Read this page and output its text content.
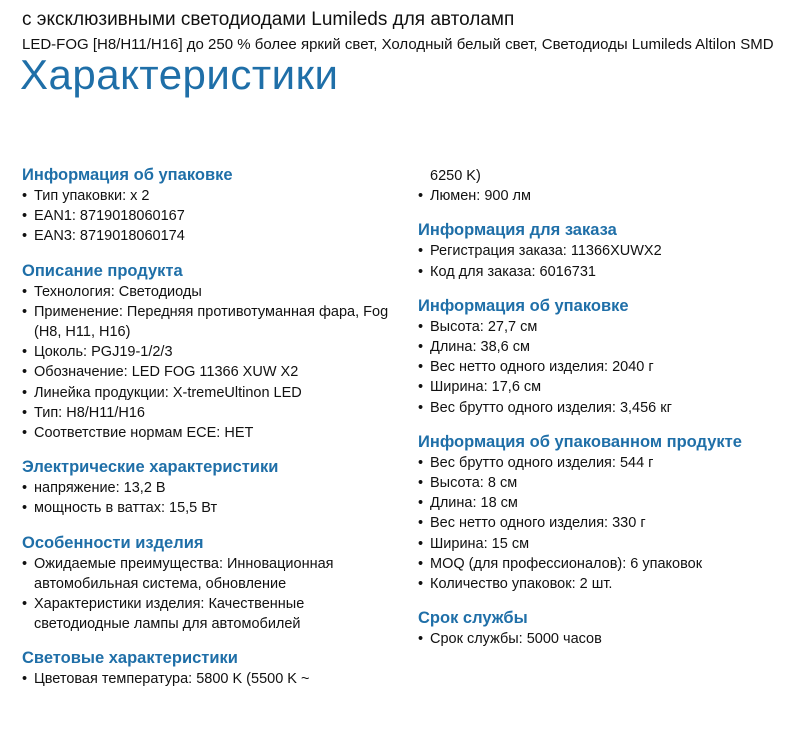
с эксклюзивными светодиодами Lumileds для автоламп

LED-FOG [H8/H11/H16] до 250 % более яркий свет, Холодный белый свет, Светодиоды Lumileds Altilon SMD

Характеристики
Информация об упаковке
• Тип упаковки: x 2
• EAN1: 8719018060167
• EAN3: 8719018060174
Описание продукта
• Технология: Светодиоды
• Применение: Передняя противотуманная фара, Fog (H8, H11, H16)
• Цоколь: PGJ19-1/2/3
• Обозначение: LED FOG 11366 XUW X2
• Линейка продукции: X-tremeUltinon LED
• Тип: H8/H11/H16
• Соответствие нормам ECE: НЕТ
Электрические характеристики
• напряжение: 13,2 В
• мощность в ваттах: 15,5 Вт
Особенности изделия
• Ожидаемые преимущества: Инновационная автомобильная система, обновление
• Характеристики изделия: Качественные светодиодные лампы для автомобилей
Световые характеристики
• Цветовая температура: 5800 K (5500 K ~
6250 K)
• Люмен: 900 лм
Информация для заказа
• Регистрация заказа: 11366XUWX2
• Код для заказа: 6016731
Информация об упаковке
• Высота: 27,7 см
• Длина: 38,6 см
• Вес нетто одного изделия: 2040 г
• Ширина: 17,6 см
• Вес брутто одного изделия: 3,456 кг
Информация об упакованном продукте
• Вес брутто одного изделия: 544 г
• Высота: 8 см
• Длина: 18 см
• Вес нетто одного изделия: 330 г
• Ширина: 15 см
• MOQ (для профессионалов): 6 упаковок
• Количество упаковок: 2 шт.
Срок службы
• Срок службы: 5000 часов
